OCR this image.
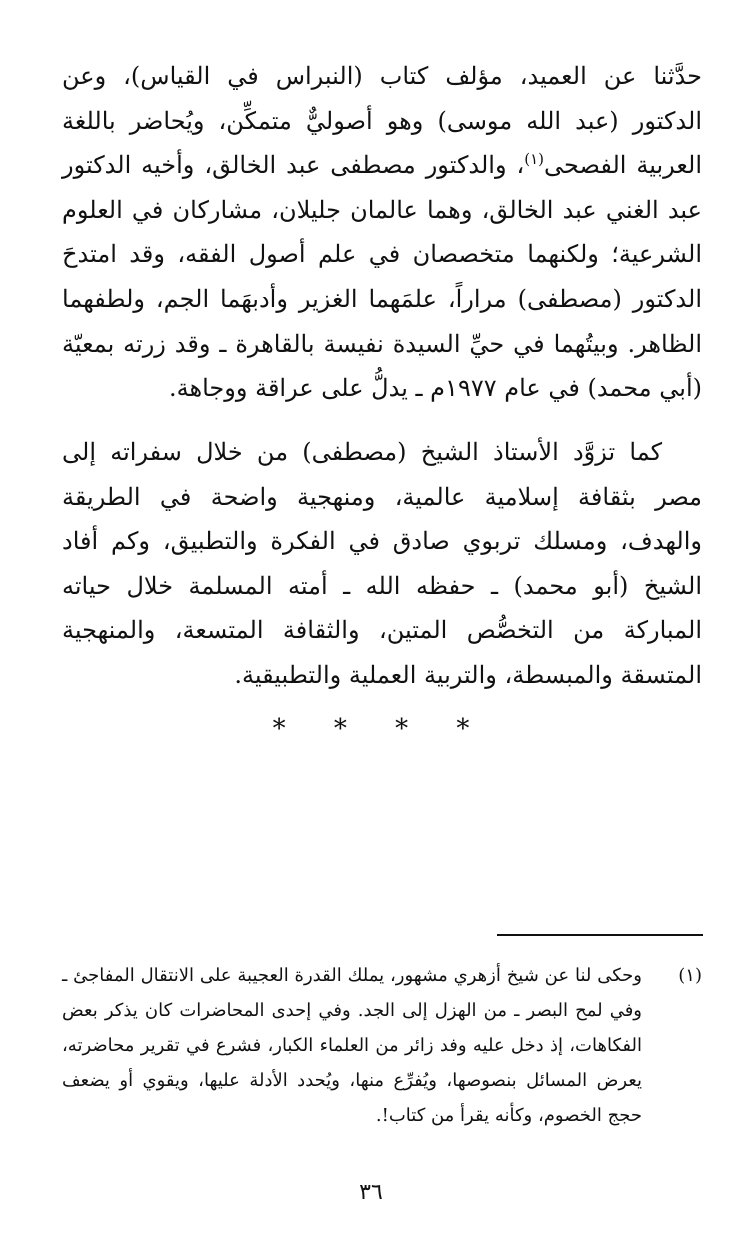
حدَّثنا عن العميد، مؤلف كتاب (النبراس في القياس)، وعن الدكتور (عبد الله موسى) وهو أصوليٌّ متمكِّن، ويُحاضر باللغة العربية الفصحى$^{(١)}$، والدكتور مصطفى عبد الخالق، وأخيه الدكتور عبد الغني عبد الخالق، وهما عالمان جليلان، مشاركان في العلوم الشرعية؛ ولكنهما متخصصان في علم أصول الفقه، وقد امتدحَ الدكتور (مصطفى) مراراً، علمَهما الغزير وأدبهَما الجم، ولطفهما الظاهر. وبيتُهما في حيِّ السيدة نفيسة بالقاهرة ـ وقد زرته بمعيّة (أبي محمد) في عام ١٩٧٧م ـ يدلُّ على عراقة ووجاهة.

كما تزوَّد الأستاذ الشيخ (مصطفى) من خلال سفراته إلى مصر بثقافة إسلامية عالمية، ومنهجية واضحة في الطريقة والهدف، ومسلك تربوي صادق في الفكرة والتطبيق، وكم أفاد الشيخ (أبو محمد) ـ حفظه الله ـ أمته المسلمة خلال حياته المباركة من التخصُّص المتين، والثقافة المتسعة، والمنهجية المتسقة والمبسطة، والتربية العملية والتطبيقية.

* * * *
(١)
وحكى لنا عن شيخ أزهري مشهور، يملك القدرة العجيبة على الانتقال المفاجئ ـ وفي لمح البصر ـ من الهزل إلى الجد. وفي إحدى المحاضرات كان يذكر بعض الفكاهات، إذ دخل عليه وفد زائر من العلماء الكبار، فشرع في تقرير محاضرته، يعرض المسائل بنصوصها، ويُفرِّع منها، ويُحدد الأدلة عليها، ويقوي أو يضعف حجج الخصوم، وكأنه يقرأ من كتاب!.
٣٦
